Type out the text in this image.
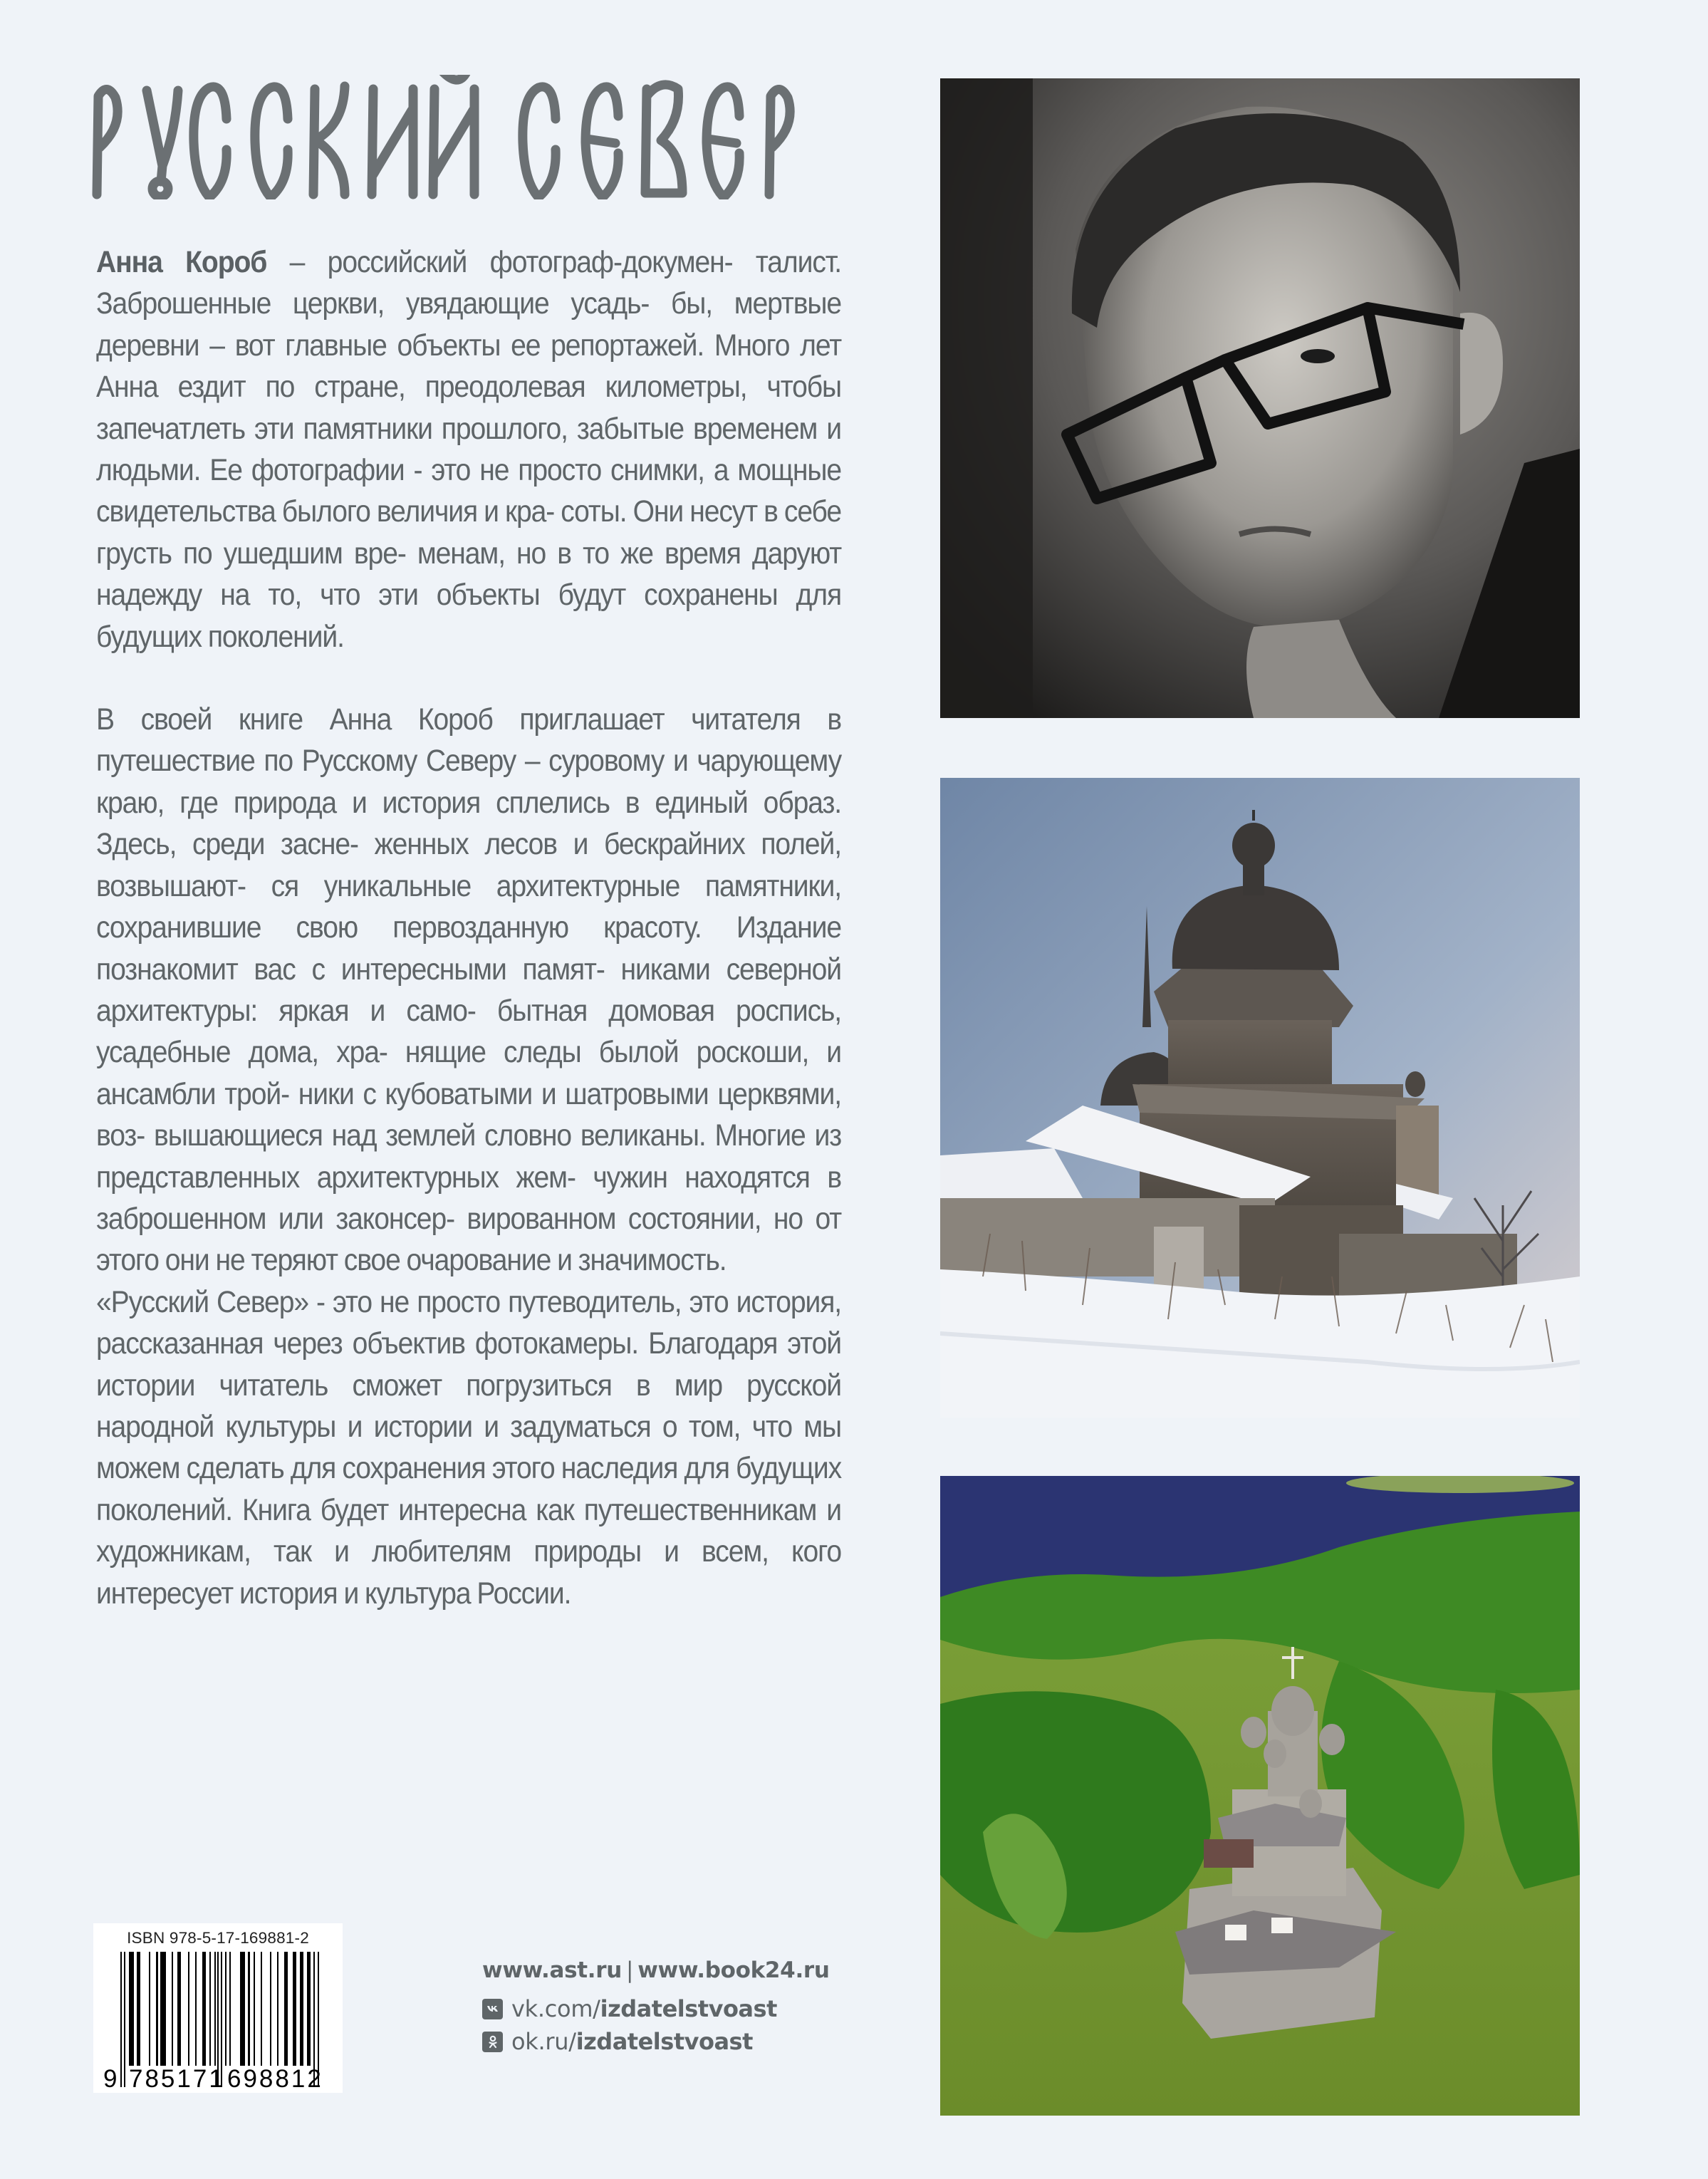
Анна Короб – российский фотограф-докумен- талист. Заброшенные церкви, увядающие усадь- бы, мертвые деревни – вот главные объекты ее репортажей. Много лет Анна ездит по стране, преодолевая километры, чтобы запечатлеть эти памятники прошлого, забытые временем и людьми. Ее фотографии - это не просто снимки, а мощные свидетельства былого величия и кра- соты. Они несут в себе грусть по ушедшим вре- менам, но в то же время даруют надежду на то, что эти объекты будут сохранены для будущих поколений.

В своей книге Анна Короб приглашает читателя в путешествие по Русскому Северу – суровому и чарующему краю, где природа и история сплелись в единый образ. Здесь, среди засне- женных лесов и бескрайних полей, возвышают- ся уникальные архитектурные памятники, сохранившие свою первозданную красоту. Издание познакомит вас с интересными памят- никами северной архитектуры: яркая и само- бытная домовая роспись, усадебные дома, хра- нящие следы былой роскоши, и ансамбли трой- ники с кубоватыми и шатровыми церквями, воз- вышающиеся над землей словно великаны. Многие из представленных архитектурных жем- чужин находятся в заброшенном или законсер- вированном состоянии, но от этого они не теряют свое очарование и значимость.

«Русский Север» - это не просто путеводитель, это история, рассказанная через объектив фотокамеры. Благодаря этой истории читатель сможет погрузиться в мир русской народной культуры и истории и задуматься о том, что мы можем сделать для сохранения этого наследия для будущих поколений. Книга будет интересна как путешественникам и художникам, так и любителям природы и всем, кого интересует история и культура России.

ISBN 978-5-17-169881-2
9 785171 698812
www.ast.ru | www.book24.ru
vk.com/ izdatelstvoast
ok.ru/ izdatelstvoast
